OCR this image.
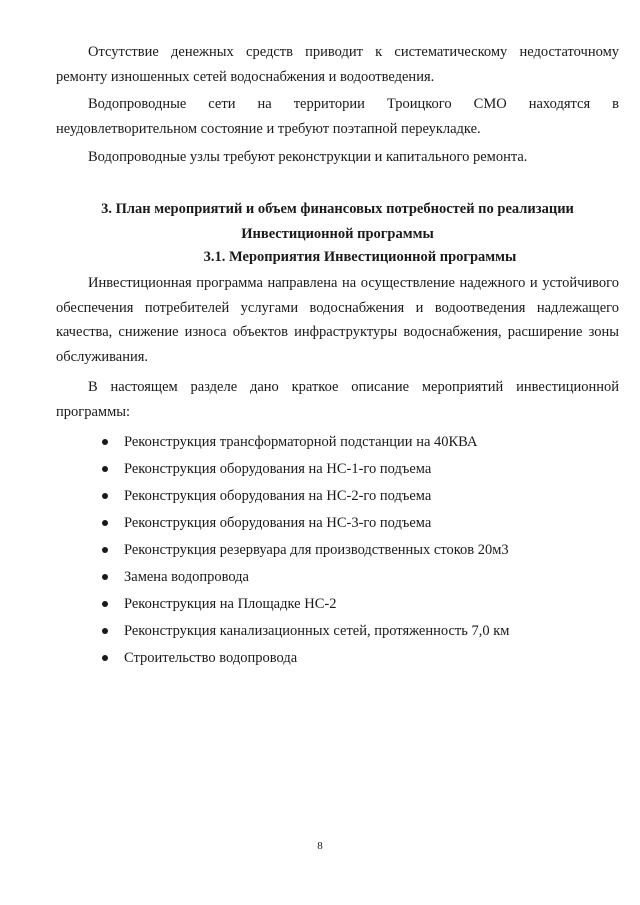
Отсутствие денежных средств приводит к систематическому недостаточному ремонту изношенных сетей водоснабжения и водоотведения.

Водопроводные сети на территории Троицкого СМО находятся в неудовлетворительном состояние и требуют поэтапной переукладке.

Водопроводные узлы требуют реконструкции и капитального ремонта.

3. План мероприятий и объем финансовых потребностей по реализации Инвестиционной программы

3.1. Мероприятия Инвестиционной программы

Инвестиционная программа направлена на осуществление надежного и устойчивого обеспечения потребителей услугами водоснабжения и водоотведения надлежащего качества, снижение износа объектов инфраструктуры водоснабжения, расширение зоны обслуживания.

В настоящем разделе дано краткое описание мероприятий инвестиционной программы:

Реконструкция трансформаторной подстанции на 40КВА
Реконструкция оборудования на НС-1-го подъема
Реконструкция оборудования на НС-2-го подъема
Реконструкция оборудования на НС-3-го подъема
Реконструкция резервуара для производственных стоков 20м3
Замена водопровода
Реконструкция на Площадке НС-2
Реконструкция канализационных сетей, протяженность 7,0 км
Строительство водопровода

8
